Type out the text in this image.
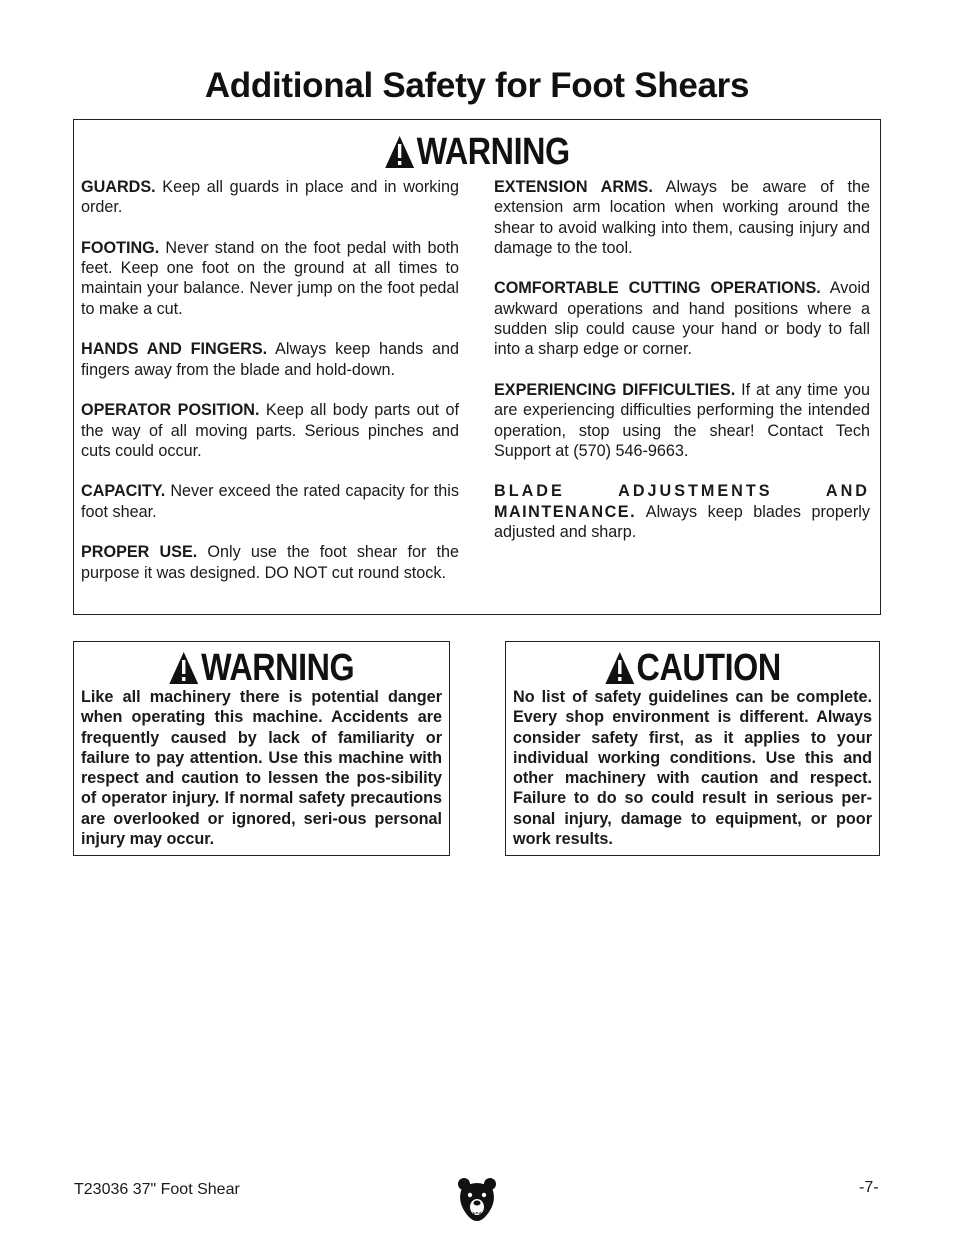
Additional Safety for Foot Shears
WARNING

GUARDS. Keep all guards in place and in working order.

FOOTING. Never stand on the foot pedal with both feet. Keep one foot on the ground at all times to maintain your balance. Never jump on the foot pedal to make a cut.

HANDS AND FINGERS. Always keep hands and fingers away from the blade and hold-down.

OPERATOR POSITION. Keep all body parts out of the way of all moving parts. Serious pinches and cuts could occur.

CAPACITY. Never exceed the rated capacity for this foot shear.

PROPER USE. Only use the foot shear for the purpose it was designed. DO NOT cut round stock.

EXTENSION ARMS. Always be aware of the extension arm location when working around the shear to avoid walking into them, causing injury and damage to the tool.

COMFORTABLE CUTTING OPERATIONS. Avoid awkward operations and hand positions where a sudden slip could cause your hand or body to fall into a sharp edge or corner.

EXPERIENCING DIFFICULTIES. If at any time you are experiencing difficulties performing the intended operation, stop using the shear! Contact Tech Support at (570) 546-9663.

BLADE ADJUSTMENTS AND
MAINTENANCE. Always keep blades properly adjusted and sharp.

WARNING
Like all machinery there is potential danger when operating this machine. Accidents are frequently caused by lack of familiarity or failure to pay attention. Use this machine with respect and caution to lessen the pos-sibility of operator injury. If normal safety precautions are overlooked or ignored, seri-ous personal injury may occur.
CAUTION
No list of safety guidelines can be complete. Every shop environment is different. Always consider safety first, as it applies to your individual working conditions. Use this and other machinery with caution and respect. Failure to do so could result in serious per-sonal injury, damage to equipment, or poor work results.
T23036 37" Foot Shear	-7-
